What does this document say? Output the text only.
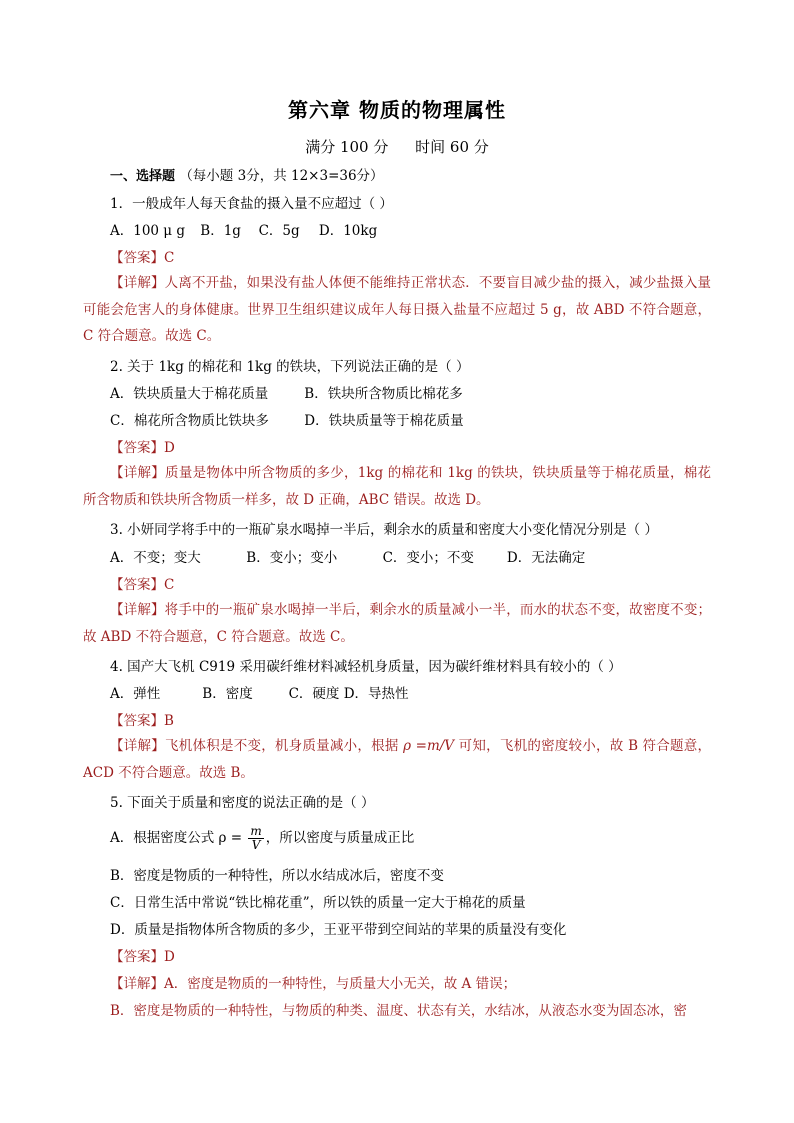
第六章 物质的物理属性
满分 100 分 时间 60 分
一、选择题 （每小题 3分，共 12×3=36分）
1．一般成年人每天食盐的摄入量不应超过（ ）
A．100 μ g B．1g C．5g D．10kg
【答案】C
【详解】人离不开盐，如果没有盐人体便不能维持正常状态．不要盲目减少盐的摄入，减少盐摄入量可能会危害人的身体健康。世界卫生组织建议成年人每日摄入盐量不应超过 5 g，故 ABD 不符合题意，C 符合题意。故选 C。
2. 关于 1kg 的棉花和 1kg 的铁块，下列说法正确的是（ ）
A．铁块质量大于棉花质量	B．铁块所含物质比棉花多
C．棉花所含物质比铁块多	D．铁块质量等于棉花质量
【答案】D
【详解】质量是物体中所含物质的多少，1kg 的棉花和 1kg 的铁块，铁块质量等于棉花质量，棉花所含物质和铁块所含物质一样多，故 D 正确，ABC 错误。故选 D。
3. 小妍同学将手中的一瓶矿泉水喝掉一半后，剩余水的质量和密度大小变化情况分别是（ ）
A．不变；变大	B．变小；变小	C．变小；不变 D．无法确定
【答案】C
【详解】将手中的一瓶矿泉水喝掉一半后，剩余水的质量减小一半，而水的状态不变，故密度不变；故 ABD 不符合题意，C 符合题意。故选 C。
4. 国产大飞机 C919 采用碳纤维材料减轻机身质量，因为碳纤维材料具有较小的（ ）
A．弹性	B．密度	C．硬度 D．导热性
【答案】B
【详解】飞机体积是不变，机身质量减小，根据 ρ =m/V 可知，飞机的密度较小，故 B 符合题意，ACD 不符合题意。故选 B。
5. 下面关于质量和密度的说法正确的是（ ）
A．根据密度公式 $\rho = \frac{m}{V}$ ，所以密度与质量成正比
B．密度是物质的一种特性，所以水结成冰后，密度不变
C．日常生活中常说“铁比棉花重”，所以铁的质量一定大于棉花的质量
D．质量是指物体所含物质的多少，王亚平带到空间站的苹果的质量没有变化
【答案】D
【详解】A．密度是物质的一种特性，与质量大小无关，故 A 错误；
B．密度是物质的一种特性，与物质的种类、温度、状态有关，水结冰，从液态水变为固态冰，密
